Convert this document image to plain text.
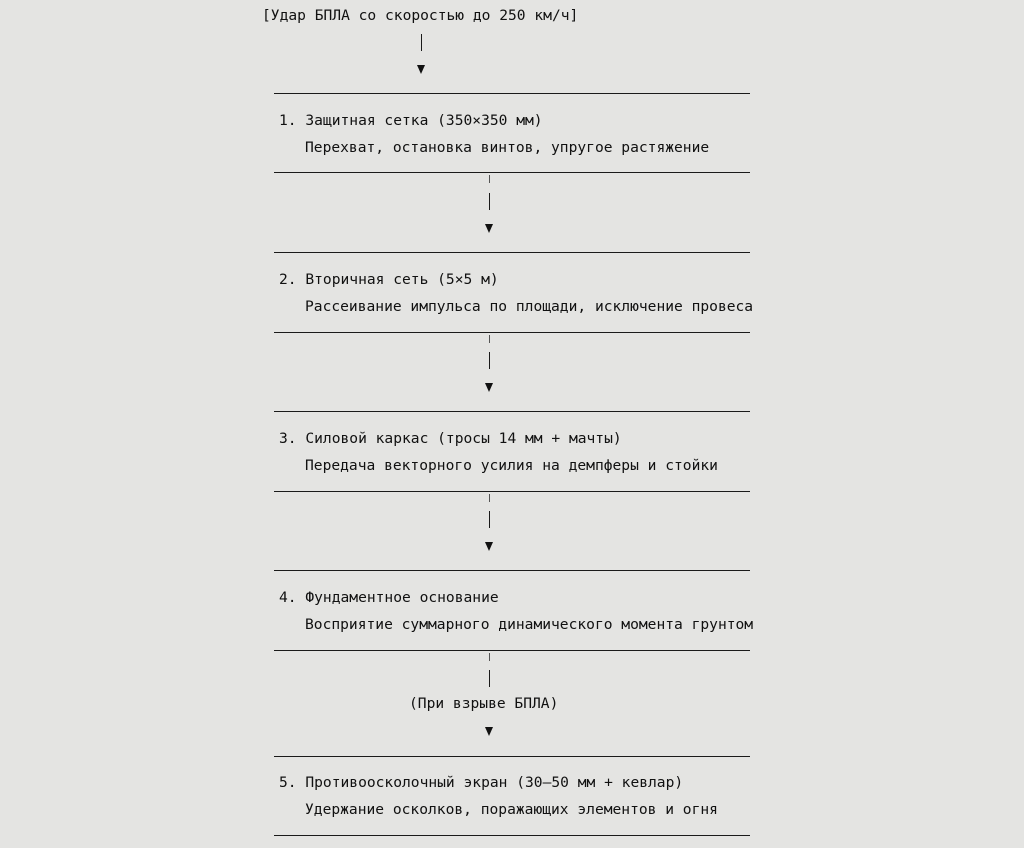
[Удар БПЛА со скоростью до 250 км/ч]
1. Защитная сетка (350×350 мм)
Перехват, остановка винтов, упругое растяжение
2. Вторичная сеть (5×5 м)
Рассеивание импульса по площади, исключение провеса
3. Силовой каркас (тросы 14 мм + мачты)
Передача векторного усилия на демпферы и стойки
4. Фундаментное основание
Восприятие суммарного динамического момента грунтом
(При взрыве БПЛА)
5. Противоосколочный экран (30–50 мм + кевлар)
Удержание осколков, поражающих элементов и огня
